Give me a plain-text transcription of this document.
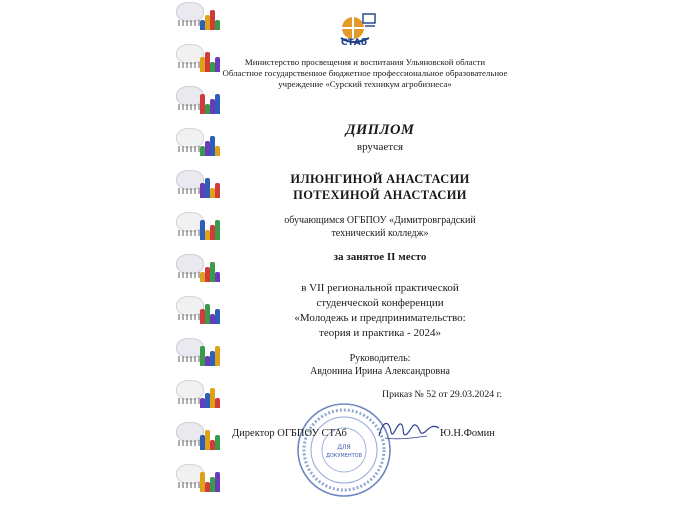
СТАб
Министерство просвещения и воспитания Ульяновской области
Областное государственное бюджетное профессиональное образовательное
учреждение «Сурский техникум агробизнеса»
ДИПЛОМ
вручается
ИЛЮНГИНОЙ АНАСТАСИИ
ПОТЕХИНОЙ АНАСТАСИИ
обучающимся ОГБПОУ «Димитровградский
технический колледж»
за занятое II место
в VII региональной практической
студенческой конференции
«Молодежь и предпринимательство:
теория и практика - 2024»
Руководитель:
Авдонина Ирина Александровна
Приказ № 52 от 29.03.2024 г.
ДЛЯ
ДОКУМЕНТОВ
Директор ОГБПОУ СТАб	Ю.Н.Фомин
